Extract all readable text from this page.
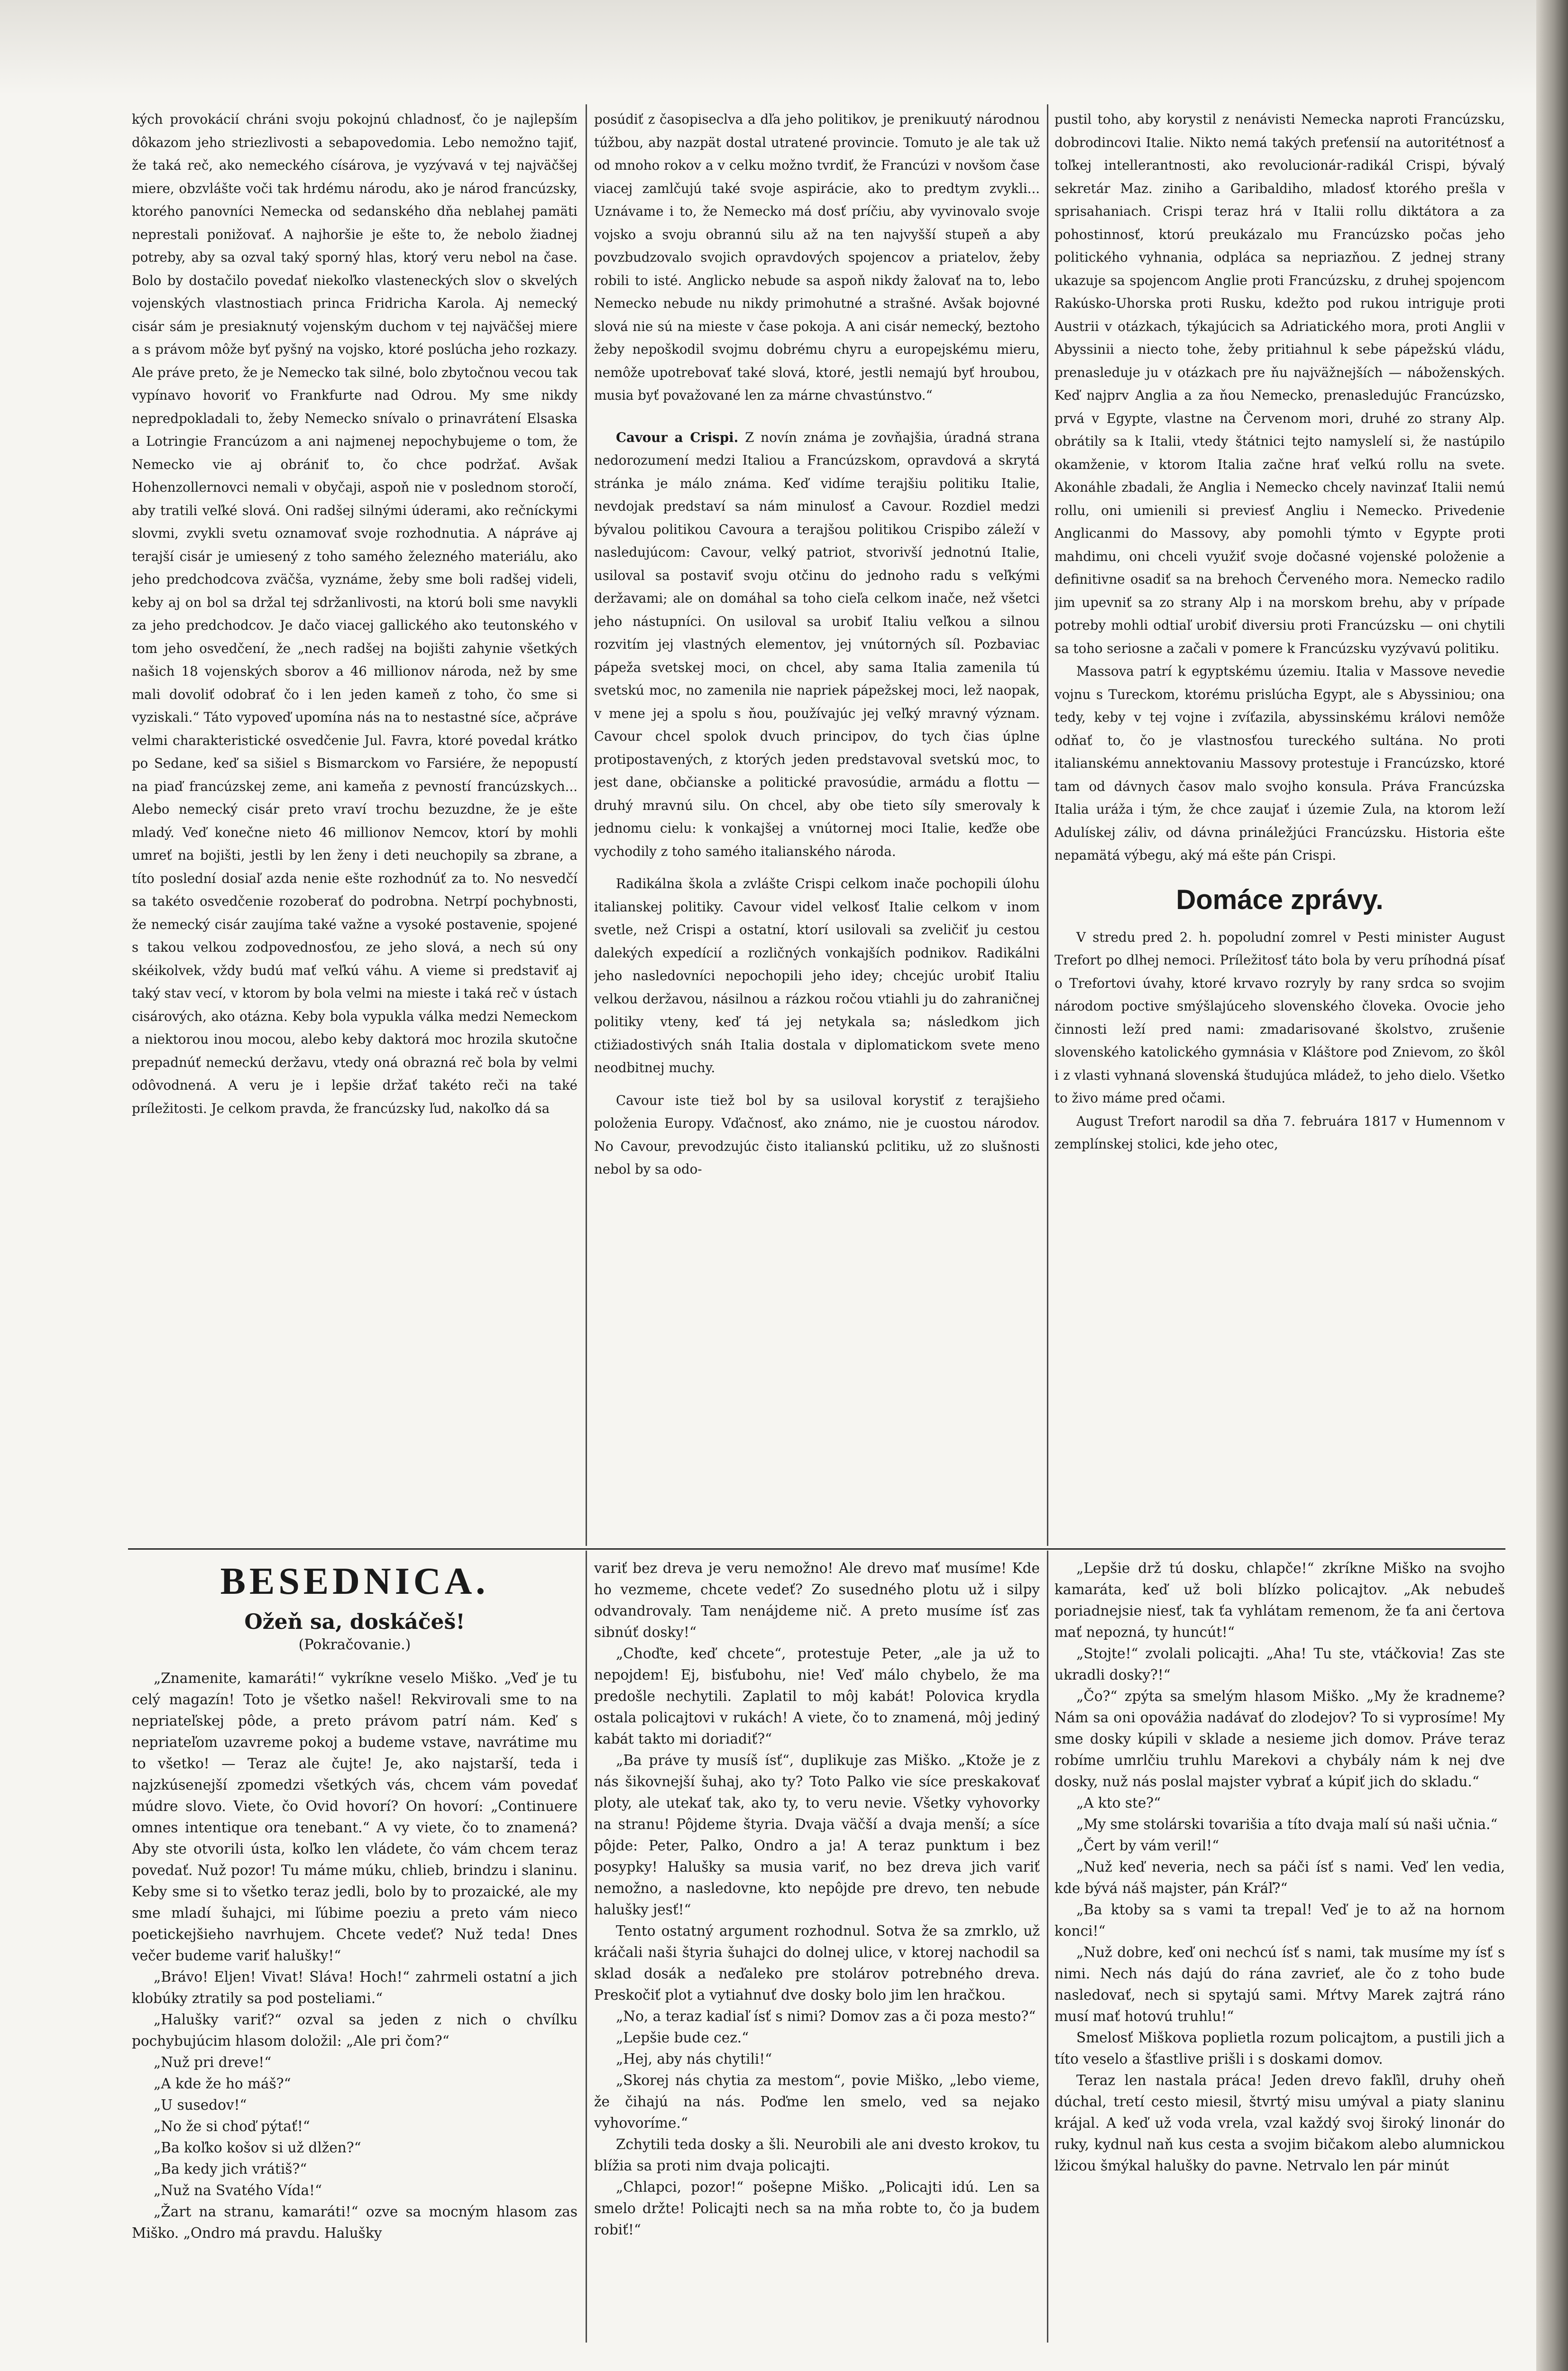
kých provokácií chráni svoju pokojnú chladnosť, čo je najlepším dôkazom jeho striezlivosti a sebapovedomia. Lebo nemožno tajiť, že taká reč, ako nemeckého císárova, je vyzývavá v tej najväčšej miere, obzvlášte voči tak hrdému národu, ako je národ francúzsky, ktorého panovníci Nemecka od sedanského dňa neblahej pamäti neprestali ponižovať. A najhoršie je ešte to, že nebolo žiadnej potreby, aby sa ozval taký sporný hlas, ktorý veru nebol na čase. Bolo by dostačilo povedať niekoľko vlasteneckých slov o skvelých vojenských vlastnostiach princa Fridricha Karola. Aj nemecký cisár sám je presiaknutý vojenským duchom v tej najväčšej miere a s právom môže byť pyšný na vojsko, ktoré poslúcha jeho rozkazy. Ale práve preto, že je Nemecko tak silné, bolo zbytočnou vecou tak vypínavo hovoriť vo Frankfurte nad Odrou. My sme nikdy nepredpokladali to, žeby Nemecko snívalo o prinavrátení Elsaska a Lotringie Francúzom a ani najmenej nepochybujeme o tom, že Nemecko vie aj obrániť to, čo chce podržať. Avšak Hohenzollernovci nemali v obyčaji, aspoň nie v poslednom storočí, aby tratili veľké slová. Oni radšej silnými úderami, ako rečníckymi slovmi, zvykli svetu oznamovať svoje rozhodnutia. A nápráve aj terajší cisár je umiesený z toho samého železného materiálu, ako jeho predchodcova zväčša, vyznáme, žeby sme boli radšej videli, keby aj on bol sa držal tej sdržanlivosti, na ktorú boli sme navykli za jeho predchodcov. Je dačo viacej gallického ako teutonského v tom jeho osvedčení, že „nech radšej na bojišti zahynie všetkých našich 18 vojenských sborov a 46 millionov národa, než by sme mali dovoliť odobrať čo i len jeden kameň z toho, čo sme si vyziskali.“ Táto vypoveď upomína nás na to nestastné síce, ačpráve velmi charakteristické osvedčenie Jul. Favra, ktoré povedal krátko po Sedane, keď sa sišiel s Bismarckom vo Farsiére, že nepopustí na piaď francúzskej zeme, ani kameňa z pevností francúzskych... Alebo nemecký cisár preto vraví trochu bezuzdne, že je ešte mladý. Veď konečne nieto 46 millionov Nemcov, ktorí by mohli umreť na bojišti, jestli by len ženy i deti neuchopily sa zbrane, a títo poslední dosiaľ azda nenie ešte rozhodnúť za to. No nesvedčí sa takéto osvedčenie rozoberať do podrobna. Netrpí pochybnosti, že nemecký cisár zaujíma také važne a vysoké postavenie, spojené s takou velkou zodpovednosťou, ze jeho slová, a nech sú ony skéikolvek, vždy budú mať veľkú váhu. A vieme si predstaviť aj taký stav vecí, v ktorom by bola velmi na mieste i taká reč v ústach cisárových, ako otázna. Keby bola vypukla válka medzi Nemeckom a niektorou inou mocou, alebo keby daktorá moc hrozila skutočne prepadnúť nemeckú deržavu, vtedy oná obrazná reč bola by velmi odôvodnená. A veru je i lepšie držať takéto reči na také príležitosti. Je celkom pravda, že francúzsky ľud, nakoľko dá sa

posúdiť z časopiseclva a dľa jeho politikov, je prenikuutý národnou túžbou, aby nazpät dostal utratené provincie. Tomuto je ale tak už od mnoho rokov a v celku možno tvrdiť, že Francúzi v novšom čase viacej zamlčujú také svoje aspirácie, ako to predtym zvykli... Uznávame i to, že Nemecko má dosť príčiu, aby vyvinovalo svoje vojsko a svoju obrannú silu až na ten najvyšší stupeň a aby povzbudzovalo svojich opravdových spojencov a priatelov, žeby robili to isté. Anglicko nebude sa aspoň nikdy žalovať na to, lebo Nemecko nebude nu nikdy primohutné a strašné. Avšak bojovné slová nie sú na mieste v čase pokoja. A ani cisár nemecký, beztoho žeby nepoškodil svojmu dobrému chyru a europejskému mieru, nemôže upotrebovať také slová, ktoré, jestli nemajú byť hroubou, musia byť považované len za márne chvastúnstvo.“

Cavour a Crispi. Z novín známa je zovňajšia, úradná strana nedorozumení medzi Italiou a Francúzskom, opravdová a skrytá stránka je málo známa. Keď vidíme terajšiu politiku Italie, nevdojak predstaví sa nám minulosť a Cavour. Rozdiel medzi bývalou politikou Cavoura a terajšou politikou Crispibo záleží v nasledujúcom: Cavour, velký patriot, stvorivší jednotnú Italie, usiloval sa postaviť svoju otčinu do jednoho radu s veľkými deržavami; ale on domáhal sa toho cieľa celkom inače, než všetci jeho nástupníci. On usiloval sa urobiť Italiu veľkou a silnou rozvitím jej vlastných elementov, jej vnútorných síl. Pozbaviac pápeža svetskej moci, on chcel, aby sama Italia zamenila tú svetskú moc, no zamenila nie napriek pápežskej moci, lež naopak, v mene jej a spolu s ňou, používajúc jej veľký mravný význam. Cavour chcel spolok dvuch principov, do tych čias úplne protipostavených, z ktorých jeden predstavoval svetskú moc, to jest dane, občianske a politické pravosúdie, armádu a flottu — druhý mravnú silu. On chcel, aby obe tieto síly smerovaly k jednomu cielu: k vonkajšej a vnútornej moci Italie, keďže obe vychodily z toho samého italianského národa.

Radikálna škola a zvlášte Crispi celkom inače pochopili úlohu italianskej politiky. Cavour videl velkosť Italie celkom v inom svetle, než Crispi a ostatní, ktorí usilovali sa zveličiť ju cestou dalekých expedícií a rozličných vonkajších podnikov. Radikálni jeho nasledovníci nepochopili jeho idey; chcejúc urobiť Italiu velkou deržavou, násilnou a rázkou ročou vtiahli ju do zahraničnej politiky vteny, keď tá jej netykala sa; následkom jich ctižiadostivých snáh Italia dostala v diplomatickom svete meno neodbitnej muchy.

Cavour iste tiež bol by sa usiloval korystiť z terajšieho položenia Europy. Vďačnosť, ako známo, nie je cuostou národov. No Cavour, prevodzujúc čisto italianskú pclitiku, už zo slušnosti nebol by sa odo-

pustil toho, aby korystil z nenávisti Nemecka naproti Francúzsku, dobrodincovi Italie. Nikto nemá takých preťensií na autoritétnosť a toľkej intellerantnosti, ako revolucionár-radikál Crispi, bývalý sekretár Maz. ziniho a Garibaldiho, mladosť ktorého prešla v sprisahaniach. Crispi teraz hrá v Italii rollu diktátora a za pohostinnosť, ktorú preukázalo mu Francúzsko počas jeho politického vyhnania, odpláca sa nepriazňou. Z jednej strany ukazuje sa spojencom Anglie proti Francúzsku, z druhej spojencom Rakúsko-Uhorska proti Rusku, kdežto pod rukou intriguje proti Austrii v otázkach, týkajúcich sa Adriatického mora, proti Anglii v Abyssinii a niecto tohe, žeby pritiahnul k sebe pápežskú vládu, prenasleduje ju v otázkach pre ňu najväžnejších — náboženských. Keď najprv Anglia a za ňou Nemecko, prenasledujúc Francúzsko, prvá v Egypte, vlastne na Červenom mori, druhé zo strany Alp. obrátily sa k Italii, vtedy štátnici tejto namyslelí si, že nastúpilo okamženie, v ktorom Italia začne hrať veľkú rollu na svete. Akonáhle zbadali, že Anglia i Nemecko chcely navinzať Italii nemú rollu, oni umienili si previesť Angliu i Nemecko. Privedenie Anglicanmi do Massovy, aby pomohli týmto v Egypte proti mahdimu, oni chceli využiť svoje dočasné vojenské položenie a definitivne osadiť sa na brehoch Červeného mora. Nemecko radilo jim upevniť sa zo strany Alp i na morskom brehu, aby v prípade potreby mohli odtiaľ urobiť diversiu proti Francúzsku — oni chytili sa toho seriosne a začali v pomere k Francúzsku vyzývavú politiku.

Massova patrí k egyptskému územiu. Italia v Massove nevedie vojnu s Tureckom, ktorému prislúcha Egypt, ale s Abyssiniou; ona tedy, keby v tej vojne i zvíťazila, abyssinskému královi nemôže odňať to, čo je vlastnosťou tureckého sultána. No proti italianskému annektovaniu Massovy protestuje i Francúzsko, ktoré tam od dávnych časov malo svojho konsula. Práva Francúzska Italia uráža i tým, že chce zaujať i územie Zula, na ktorom leží Adulískej záliv, od dávna prináležjúci Francúzsku. Historia ešte nepamätá výbegu, aký má ešte pán Crispi.

Domáce zprávy.

V stredu pred 2. h. popoludní zomrel v Pesti minister August Trefort po dlhej nemoci. Príležitosť táto bola by veru príhodná písať o Trefortovi úvahy, ktoré krvavo rozryly by rany srdca so svojim národom poctive smýšlajúceho slovenského človeka. Ovocie jeho činnosti leží pred nami: zmadarisované školstvo, zrušenie slovenského katolického gymnásia v Kláštore pod Znievom, zo škôl i z vlasti vyhnaná slovenská študujúca mládež, to jeho dielo. Všetko to živo máme pred očami.

August Trefort narodil sa dňa 7. februára 1817 v Humennom v zemplínskej stolici, kde jeho otec,

BESEDNICA.
Ožeň sa, doskáčeš!
(Pokračovanie.)

„Znamenite, kamaráti!“ vykríkne veselo Miško. „Veď je tu celý magazín! Toto je všetko našel! Rekvirovali sme to na nepriateľskej pôde, a preto právom patrí nám. Keď s nepriateľom uzavreme pokoj a budeme vstave, navrátime mu to všetko! — Teraz ale čujte! Je, ako najstarší, teda i najzkúsenejší zpomedzi všetkých vás, chcem vám povedať múdre slovo. Viete, čo Ovid hovorí? On hovorí: „Continuere omnes intentique ora tenebant.“ A vy viete, čo to znamená? Aby ste otvorili ústa, koľko len vládete, čo vám chcem teraz povedať. Nuž pozor! Tu máme múku, chlieb, brindzu i slaninu. Keby sme si to všetko teraz jedli, bolo by to prozaické, ale my sme mladí šuhajci, mi ľúbime poeziu a preto vám nieco poetickejšieho navrhujem. Chcete vedeť? Nuž teda! Dnes večer budeme variť halušky!“

„Brávo! Eljen! Vivat! Sláva! Hoch!“ zahrmeli ostatní a jich klobúky ztratily sa pod posteliami.“

„Halušky variť?“ ozval sa jeden z nich o chvílku pochybujúcim hlasom doložil: „Ale pri čom?“

„Nuž pri dreve!“

„A kde že ho máš?“

„U susedov!“

„No že si choď pýtať!“

„Ba koľko košov si už dlžen?“

„Ba kedy jich vrátiš?“

„Nuž na Svatého Vída!“

„Žart na stranu, kamaráti!“ ozve sa mocným hlasom zas Miško. „Ondro má pravdu. Halušky

variť bez dreva je veru nemožno! Ale drevo mať musíme! Kde ho vezmeme, chcete vedeť? Zo susedného plotu už i silpy odvandrovaly. Tam nenájdeme nič. A preto musíme ísť zas sibnúť dosky!“

„Choďte, keď chcete“, protestuje Peter, „ale ja už to nepojdem! Ej, bisťubohu, nie! Veď málo chybelo, že ma predošle nechytili. Zaplatil to môj kabát! Polovica krydla ostala policajtovi v rukách! A viete, čo to znamená, môj jediný kabát takto mi doriadiť?“

„Ba práve ty musíš ísť“, duplikuje zas Miško. „Ktože je z nás šikovnejší šuhaj, ako ty? Toto Palko vie síce preskakovať ploty, ale utekať tak, ako ty, to veru nevie. Všetky vyhovorky na stranu! Pôjdeme štyria. Dvaja väčší a dvaja menší; a síce pôjde: Peter, Palko, Ondro a ja! A teraz punktum i bez posypky! Halušky sa musia variť, no bez dreva jich variť nemožno, a nasledovne, kto nepôjde pre drevo, ten nebude halušky jesť!“

Tento ostatný argument rozhodnul. Sotva že sa zmrklo, už kráčali naši štyria šuhajci do dolnej ulice, v ktorej nachodil sa sklad dosák a neďaleko pre stolárov potrebného dreva. Preskočiť plot a vytiahnuť dve dosky bolo jim len hračkou.

„No, a teraz kadiaľ ísť s nimi? Domov zas a či poza mesto?“

„Lepšie bude cez.“

„Hej, aby nás chytili!“

„Skorej nás chytia za mestom“, povie Miško, „lebo vieme, že čihajú na nás. Poďme len smelo, ved sa nejako vyhovoríme.“

Zchytili teda dosky a šli. Neurobili ale ani dvesto krokov, tu blížia sa proti nim dvaja policajti.

„Chlapci, pozor!“ pošepne Miško. „Policajti idú. Len sa smelo držte! Policajti nech sa na mňa robte to, čo ja budem robiť!“

„Lepšie drž tú dosku, chlapče!“ zkríkne Miško na svojho kamaráta, keď už boli blízko policajtov. „Ak nebudeš poriadnejsie niesť, tak ťa vyhlátam remenom, že ťa ani čertova mať nepozná, ty huncút!“

„Stojte!“ zvolali policajti. „Aha! Tu ste, vtáčkovia! Zas ste ukradli dosky?!“

„Čo?“ zpýta sa smelým hlasom Miško. „My že kradneme? Nám sa oni opovážia nadávať do zlodejov? To si vyprosíme! My sme dosky kúpili v sklade a nesieme jich domov. Práve teraz robíme umrlčiu truhlu Marekovi a chybály nám k nej dve dosky, nuž nás poslal majster vybrať a kúpiť jich do skladu.“

„A kto ste?“

„My sme stolárski tovarišia a títo dvaja malí sú naši učnia.“

„Čert by vám veril!“

„Nuž keď neveria, nech sa páči ísť s nami. Veď len vedia, kde bývá náš majster, pán Kráľ?“

„Ba ktoby sa s vami ta trepal! Veď je to až na hornom konci!“

„Nuž dobre, keď oni nechcú ísť s nami, tak musíme my ísť s nimi. Nech nás dajú do rána zavrieť, ale čo z toho bude nasledovať, nech si spytajú sami. Mŕtvy Marek zajtrá ráno musí mať hotovú truhlu!“

Smelosť Miškova poplietla rozum policajtom, a pustili jich a títo veselo a šťastlive prišli i s doskami domov.

Teraz len nastala práca! Jeden drevo fakľil, druhy oheň dúchal, tretí cesto miesil, štvrtý misu umýval a piaty slaninu krájal. A keď už voda vrela, vzal každý svoj široký linonár do ruky, kydnul naň kus cesta a svojim bičakom alebo alumnickou lžicou šmýkal halušky do pavne. Netrvalo len pár minút
